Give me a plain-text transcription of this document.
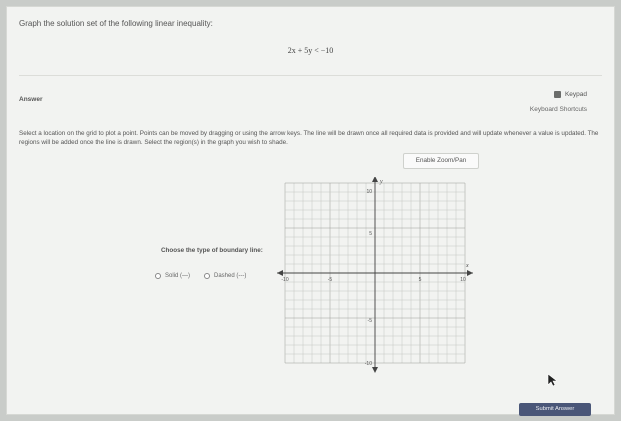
Graph the solution set of the following linear inequality:
2x + 5y < −10
Answer
Keypad
Keyboard Shortcuts
Select a location on the grid to plot a point. Points can be moved by dragging or using the arrow keys. The line will be drawn once all required data is provided and will update whenever a value is updated. The regions will be added once the line is drawn. Select the region(s) in the graph you wish to shade.
Enable Zoom/Pan
Choose the type of boundary line:
Solid (—)	Dashed (---)
y
x
-10	-5	5	10
10
5
-5
-10
Submit Answer
